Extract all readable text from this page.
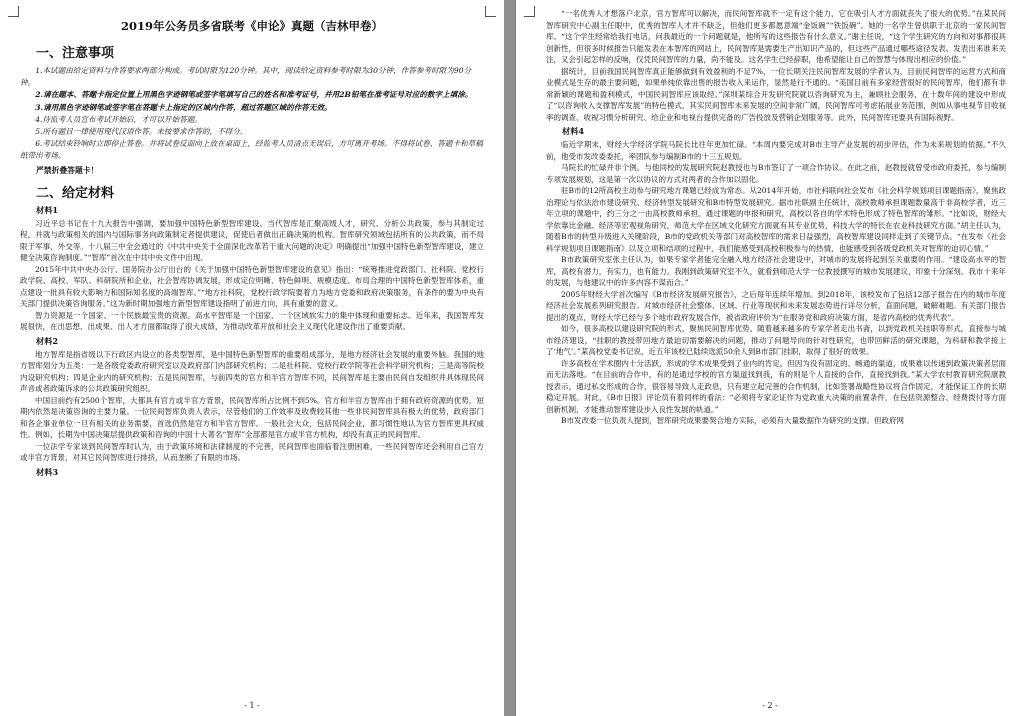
2019年公务员多省联考《申论》真题（吉林甲卷）
一、注意事项

1.本试题由给定资料与作答要求两部分构成。考试时限为120分钟。其中，阅读给定资料参考时限为30分钟，作答参考时限为90分钟。

2.请在题本、答题卡指定位置上用黑色字迹钢笔或签字笔填写自己的姓名和准考证号，并用2B铅笔在准考证号对应的数字上填涂。

3.请用黑色字迹钢笔或签字笔在答题卡上指定的区域内作答，超过答题区域的作答无效。

4.待监考人员宣布考试开始后，才可以开始答题。

5.所有题目一律使用现代汉语作答。未按要求作答的，不得分。

6.考试结束铃响时立即停止答卷。并将试卷反面向上放在桌面上，经监考人员清点无误后，方可离开考场。不得将试卷、答题卡和草稿纸带出考场。

严禁折叠答题卡！
二、给定材料
材料1

习近平总书记在十九大报告中强调，要加强中国特色新型智库建设。当代智库是汇聚高级人才，研究、分析公共政策，参与其制定过程，并就与政策相关的国内与国际事务向政策制定者提供建议，促使后者做出正确决策的机构。智库研究领域包括所有的公共政策，而不局限于军事，外交等。十八届三中全会通过的《中共中央关于全面深化改革若干重大问题的决定》明确提出“加强中国特色新型智库建设，建立健全决策咨询制度。”“智库”首次在中共中央文件中出现。

2015年中共中央办公厅、国务院办公厅出台的《关于加强中国特色新型智库建设的意见》指出：“统筹推进党政部门、社科院、党校行政学院、高校、军队、科研院所和企业，社会智库协调发展，形成定位明晰、特色鲜明、规模适度、布局合理的中国特色新型智库体系，重点建设一批具有较大影响力和国际知名度的高端智库。”“地方社科院，党校行政学院要着力为地方党委和政府决策服务，有条件的要为中央有关部门提供决策咨询服务。”这为新时期加强地方新型智库建设指明了前进方向，具有重要的意义。

智力资源是一个国家、一个民族最宝贵的资源。高水平智库是一个国家、一个区域软实力的集中体现和重要标志。近年来，我国智库发展很快，在出思想、出成果、出人才方面都取得了很大成绩，为推动改革开放和社会主义现代化建设作出了重要贡献。

材料2

地方智库是指省级以下行政区内设立的各类型智库，是中国特色新型智库的重要组成部分，是地方经济社会发展的重要外脑。我国的地方智库划分为五类：一是各级党委政府研究室以及政府部门内部研究机构；二是社科院、党校行政学院等社会科学研究机构；三是高等院校内设研究机构；四是企业内的研究机构；五是民间智库，与前四类的官方和半官方智库不同，民间智库是主要由民间自发组织并具体现民间声音或者政策诉求的公共政策研究组织。

中国目前约有2500个智库，大都具有官方或半官方背景，民间智库所占比例不到5%。官方和半官方智库由于拥有政府资源的优势，短期内依然是决策咨询的主要力量。一位民间智库负责人表示，尽管他们的工作效率及收费较其他一些非民间智库具有极大的优势，政府部门和各企事业单位一旦有相关的业务需要，首选仍然是官方和半官方智库。一般社会大众，包括民间企业，都习惯性地认为官方智库更具权威性。例如，长期为中国决策层提供政策和咨询的中国十大著名“智库”全部都是官方或半官方机构，却没有真正的民间智库。

一位法学专家谈到民间智库时认为，由于政策环境和法律制度的不完善，民间智库也面临着注册困难，一些民间智库还会利用自己官方或半官方背景，对其它民间智库进行排挤，从而垄断了有限的市场。

材料3
- 1 -

“一名优秀人才想落户北京，官方智库可以解决，而民间智库就不一定有这个能力，它在吸引人才方面就丧失了很大的优势。”在某民间智库研究中心副主任眼中，优秀的智库人才并不缺乏，但他们更多都愿意端“金饭碗”“铁饭碗”。她的一名学生曾供职于北京的一家民间智库。“这个学生经常给我打电话，问我最近的一个问题就是，他所写的这些报告有什么意义。”谢主任说，“这个学生研究的方向和对事都很具创新性，但很多时候报告只能发表在本智库的网站上，民间智库是需要生产出知识产品的，但这些产品通过哪些途径发表、发表出来谁来关注，又会引起怎样的反响，仅凭民间智库的力量，尚不能及。这名学生已经辞职，他希望能让自己的智慧与体现出相应的价值。”

据统计，目前我国民间智库真正能够做到有效盈利的不足7%，一位长期关注民间智库发展的学者认为，目前民间智库的运营方式和商业模式是生存的最主要问题，如果单纯依靠出售的报告收入来运作，显然是行不通的。“美国目前有多家经营很好的民间智库，他们都有非常新颖的课题和盈利模式，中国民间智库应该取经。”深圳某综合开发研究院就以咨询研究为主，兼顾社会服务，在十数年间的建设中形成了“以咨询收入支撑智库发展”的特色模式，其实民间智库未来发展的空间非常广阔，民间智库可考虑拓展业务范围，例如从事电视节目收视率的调查、收视习惯分析研究、给企业和电视台提供完备的广告投放及营销企划服务等。此外，民间智库还要具有国际视野。

材料4

临近学期末，财经大学经济学院马院长比往年更加忙碌。“本周内要完成对B市主导产业发展的初步评估，作为未来规划的依据。”不久前，他受市发改委委托，率团队参与编制B市的十三五规划。

马院长的忙碌并非个例。与他同校的发展研究院赵教授也与B市签订了一项合作协议。在此之前，赵教授就曾受市政府委托，参与编制专项发展规划，这是第一次以协议的方式对两者的合作加以固化。

驻B市的12所高校主动参与研究地方课题已经成为常态。从2014年开始，市社科联向社会发布《社会科学规划项目课题指南》，聚焦政治理论与依法治市建设研究、经济转型发展研究和B市特型发展研究。据市社联副主任统计，高校教师承担课题数量高于非高校学者，近三年立项的课题中，约三分之一由高校教师承担。通过课题的申报和研究，高校以各自的学术特色形成了特色智库的雏形。“比如说，财经大学依靠比金融、经济等宏观视角研究，师范大学在区域文化研究方面就有其专业优势，科技大学的特长在农业科技研究方面。”胡主任认为，随着B市的转型升级进入关键阶段，B市的党政机关等部门对高校智库的需求日益强烈，高校智库建设同样走到了关键节点。“在发布《社会科学规划项目课题指南》以及立项和结项的过程中，我们能感受到高校积极参与的热情，也能感受到各级党政机关对智库的迫切心情。”

B市政策研究室张主任认为，如果专家学者能完全融入地方经济社会建设中，对城市的发展将起到至关重要的作用。“建设高水平的智库，高校有潜力，有实力，也有能力。我刚到政策研究室不久，就看到师范大学一位教授撰写的城市发展建议，印象十分深刻。我市十来年的发展，与他建议中的许多内容不谋而合。”

2005年财经大学首次编写《B市经济发展研究报告》，之后每年连续年增加。到2018年，该校发布了包括12部子报告在内的城市年度经济社会发展系列研究报告。对城市经济社会整体、区域、行业等现状和未来发展态势进行详尽分析，直面问题，破解难题。有关部门报告提出的观点，财经大学已经与多个地市政府发展合作，被省政府评价为“在服务党和政府决策方面，是省内高校的优秀代表”。

如今，很多高校以建设研究院的形式，聚焦民间智库优势。随着越来越多的专家学者走出书斋，以到党政机关挂职等形式，直接参与城市经济建设。“挂职的教授带回地方最迫切需要解决的问题，推动了问题导向的针对性研究，也带回鲜活的研究课题，为科研和教学接上了‘地气’。”某高校党委书记说，近五年该校已陆续选派50余人到B市部门挂职，取得了很好的效果。

许多高校在学术圈内十分活跃，形成的学术成果受到了业内的肯定，但因为没有固定的、畅通的渠道，成果难以传递到政策决策者层面而无法落地。“在目前的合作中，有的是通过学校的官方渠道找到我，有的则是个人直接的合作，直接找到我。”某大学农村教育研究院康教授表示，通过私交形成的合作，很容易导致人走政息，只有建立起完善的合作机制，比如签署战略性协议将合作固定，才能保证工作的长期稳定开展。对此，《B市日报》评论员有着同样的看法：“必须将专家论证作为党政重大决策的前置条件，在包括资源整合、经费拨付等方面创新机制，才能推动智库建设步入良性发展的轨道。”

B市发改委一位负责人提到，智库研究成果要契合地方实际，必须有大量数据作为研究的支撑。但政府网

- 2 -
